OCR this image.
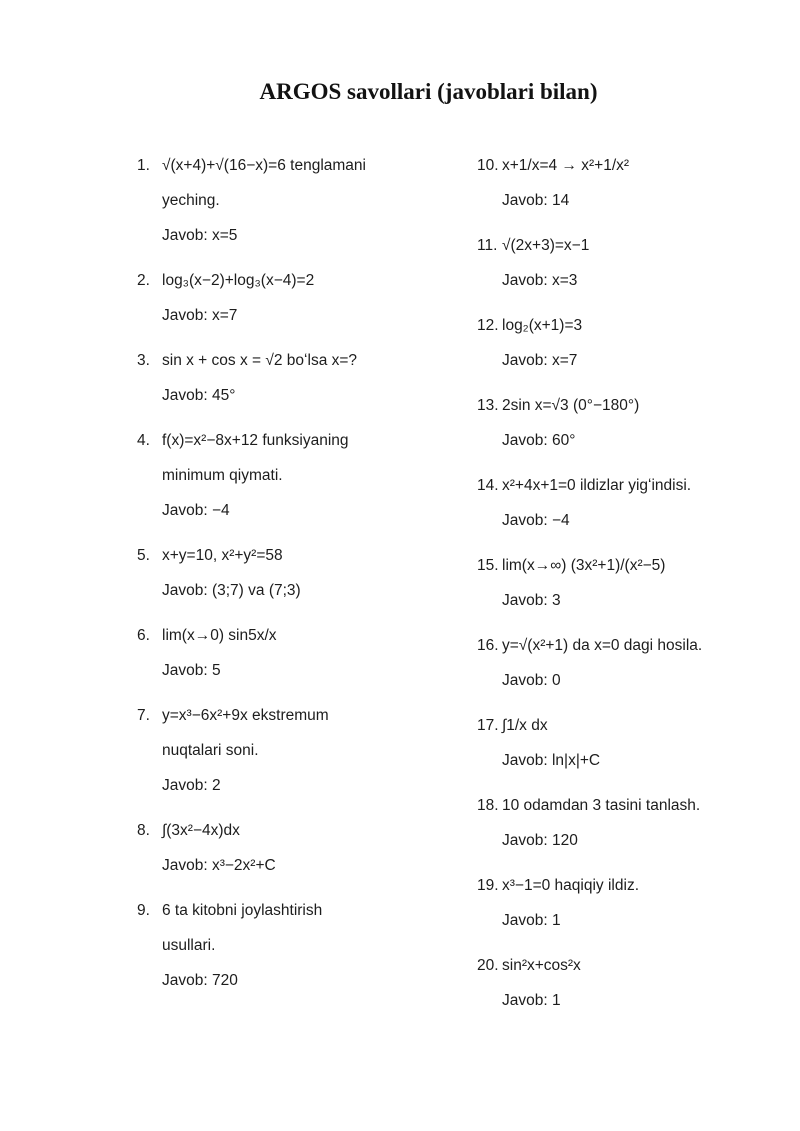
ARGOS savollari (javoblari bilan)
1. √(x+4)+√(16−x)=6 tenglamani
yeching.
Javob: x=5
2. log₃(x−2)+log₃(x−4)=2
Javob: x=7
3. sin x + cos x = √2 boʻlsa x=?
Javob: 45°
4. f(x)=x²−8x+12 funksiyaning
minimum qiymati.
Javob: −4
5. x+y=10, x²+y²=58
Javob: (3;7) va (7;3)
6. lim(x→0) sin5x/x
Javob: 5
7. y=x³−6x²+9x ekstremum
nuqtalari soni.
Javob: 2
8. ∫(3x²−4x)dx
Javob: x³−2x²+C
9. 6 ta kitobni joylashtirish
usullari.
Javob: 720
10. x+1/x=4 → x²+1/x²
Javob: 14
11. √(2x+3)=x−1
Javob: x=3
12. log₂(x+1)=3
Javob: x=7
13. 2sin x=√3 (0°−180°)
Javob: 60°
14. x²+4x+1=0 ildizlar yigʻindisi.
Javob: −4
15. lim(x→∞) (3x²+1)/(x²−5)
Javob: 3
16. y=√(x²+1) da x=0 dagi hosila.
Javob: 0
17. ∫1/x dx
Javob: ln|x|+C
18. 10 odamdan 3 tasini tanlash.
Javob: 120
19. x³−1=0 haqiqiy ildiz.
Javob: 1
20. sin²x+cos²x
Javob: 1
